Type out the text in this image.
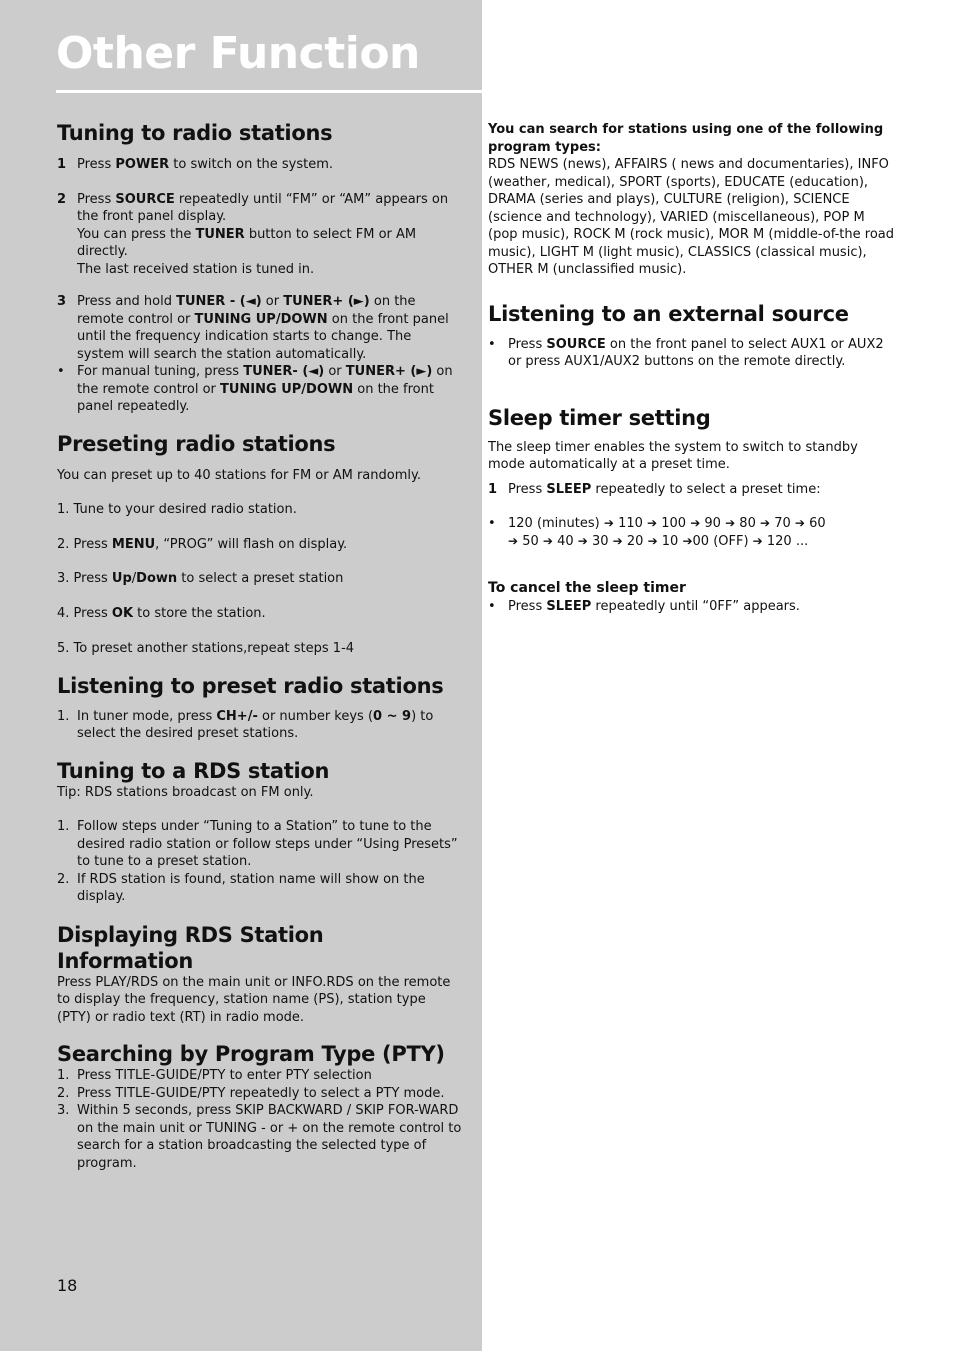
Other Function
Tuning to radio stations
1 Press POWER to switch on the system.
2 Press SOURCE repeatedly until “FM” or “AM” appears on the front panel display.
You can press the TUNER button to select FM or AM directly.
The last received station is tuned in.
3 Press and hold TUNER - (◄) or TUNER+ (►) on the remote control or TUNING UP/DOWN on the front panel until the frequency indication starts to change. The system will search the station automatically.
• For manual tuning, press TUNER- (◄) or TUNER+ (►) on the remote control or TUNING UP/DOWN on the front panel repeatedly.
Preseting radio stations

You can preset up to 40 stations for FM or AM randomly.

1. Tune to your desired radio station.

2. Press MENU, “PROG” will flash on display.

3. Press Up/Down to select a preset station

4. Press OK to store the station.

5. To preset another stations,repeat steps 1-4

Listening to preset radio stations
1. In tuner mode, press CH+/- or number keys (0 ~ 9) to select the desired preset stations.
Tuning to a RDS station

Tip: RDS stations broadcast on FM only.

1. Follow steps under “Tuning to a Station” to tune to the desired radio station or follow steps under “Using Presets” to tune to a preset station.
2. If RDS station is found, station name will show on the display.
Displaying RDS Station Information

Press PLAY/RDS on the main unit or INFO.RDS on the remote to display the frequency, station name (PS), station type (PTY) or radio text (RT) in radio mode.

Searching by Program Type (PTY)
1. Press TITLE-GUIDE/PTY to enter PTY selection
2. Press TITLE-GUIDE/PTY repeatedly to select a PTY mode.
3. Within 5 seconds, press SKIP BACKWARD / SKIP FOR-WARD on the main unit or TUNING - or + on the remote control to search for a station broadcasting the selected type of program.

You can search for stations using one of the following program types:

RDS NEWS (news), AFFAIRS ( news and documentaries), INFO (weather, medical), SPORT (sports), EDUCATE (education), DRAMA (series and plays), CULTURE (religion), SCIENCE (science and technology), VARIED (miscellaneous), POP M (pop music), ROCK M (rock music), MOR M (middle-of-the road music), LIGHT M (light music), CLASSICS (classical music), OTHER M (unclassified music).

Listening to an external source
• Press SOURCE on the front panel to select AUX1 or AUX2 or press AUX1/AUX2 buttons on the remote directly.
Sleep timer setting

The sleep timer enables the system to switch to standby mode automatically at a preset time.

1 Press SLEEP repeatedly to select a preset time:
• 120 (minutes) ➔ 110 ➔ 100 ➔ 90 ➔ 80 ➔ 70 ➔ 60
➔ 50 ➔ 40 ➔ 30 ➔ 20 ➔ 10 ➔00 (OFF) ➔ 120 ...

To cancel the sleep timer

• Press SLEEP repeatedly until “0FF” appears.
18
